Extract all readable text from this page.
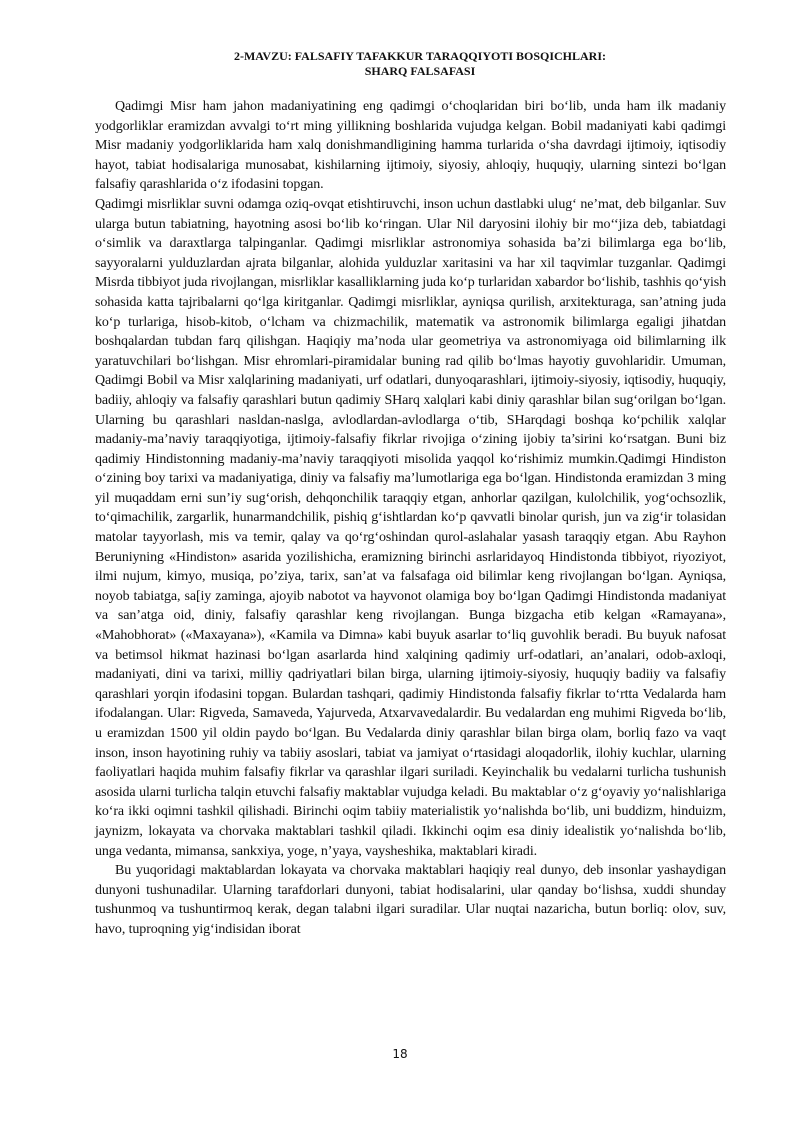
2-MAVZU: FALSAFIY TAFAKKUR TARAQQIYOTI BOSQICHLARI:
SHARQ FALSAFASI

Qadimgi Misr ham jahon madaniyatining eng qadimgi o‘choqlaridan biri bo‘lib, unda ham ilk madaniy yodgorliklar eramizdan avvalgi to‘rt ming yillikning boshlarida vujudga kelgan. Bobil madaniyati kabi qadimgi Misr madaniy yodgorliklarida ham xalq donishmandligining hamma turlarida o‘sha davrdagi ijtimoiy, iqtisodiy hayot, tabiat hodisalariga munosabat, kishilarning ijtimoiy, siyosiy, ahloqiy, huquqiy, ularning sintezi bo‘lgan falsafiy qarashlarida o‘z ifodasini topgan.

Qadimgi misrliklar suvni odamga oziq-ovqat etishtiruvchi, inson uchun dastlabki ulug‘ ne’mat, deb bilganlar. Suv ularga butun tabiatning, hayotning asosi bo‘lib ko‘ringan. Ular Nil daryosini ilohiy bir mo‘‘jiza deb, tabiatdagi o‘simlik va daraxtlarga talpinganlar. Qadimgi misrliklar astronomiya sohasida ba’zi bilimlarga ega bo‘lib, sayyoralarni yulduzlardan ajrata bilganlar, alohida yulduzlar xaritasini va har xil taqvimlar tuzganlar. Qadimgi Misrda tibbiyot juda rivojlangan, misrliklar kasalliklarning juda ko‘p turlaridan xabardor bo‘lishib, tashhis qo‘yish sohasida katta tajribalarni qo‘lga kiritganlar. Qadimgi misrliklar, ayniqsa qurilish, arxitekturaga, san’atning juda ko‘p turlariga, hisob-kitob, o‘lcham va chizmachilik, matematik va astronomik bilimlarga egaligi jihatdan boshqalardan tubdan farq qilishgan. Haqiqiy ma’noda ular geometriya va astronomiyaga oid bilimlarning ilk yaratuvchilari bo‘lishgan. Misr ehromlari-piramidalar buning rad qilib bo‘lmas hayotiy guvohlaridir. Umuman, Qadimgi Bobil va Misr xalqlarining madaniyati, urf odatlari, dunyoqarashlari, ijtimoiy-siyosiy, iqtisodiy, huquqiy, badiiy, ahloqiy va falsafiy qarashlari butun qadimiy SHarq xalqlari kabi diniy qarashlar bilan sug‘orilgan bo‘lgan. Ularning bu qarashlari nasldan-naslga, avlodlardan-avlodlarga o‘tib, SHarqdagi boshqa ko‘pchilik xalqlar madaniy-ma’naviy taraqqiyotiga, ijtimoiy-falsafiy fikrlar rivojiga o‘zining ijobiy ta’sirini ko‘rsatgan. Buni biz qadimiy Hindistonning madaniy-ma’naviy taraqqiyoti misolida yaqqol ko‘rishimiz mumkin.Qadimgi Hindiston o‘zining boy tarixi va madaniyatiga, diniy va falsafiy ma’lumotlariga ega bo‘lgan. Hindistonda eramizdan 3 ming yil muqaddam erni sun’iy sug‘orish, dehqonchilik taraqqiy etgan, anhorlar qazilgan, kulolchilik, yog‘ochsozlik, to‘qimachilik, zargarlik, hunarmandchilik, pishiq g‘ishtlardan ko‘p qavvatli binolar qurish, jun va zig‘ir tolasidan matolar tayyorlash, mis va temir, qalay va qo‘rg‘oshindan qurol-aslahalar yasash taraqqiy etgan. Abu Rayhon Beruniyning «Hindiston» asarida yozilishicha, eramizning birinchi asrlaridayoq Hindistonda tibbiyot, riyoziyot, ilmi nujum, kimyo, musiqa, po’ziya, tarix, san’at va falsafaga oid bilimlar keng rivojlangan bo‘lgan. Ayniqsa, noyob tabiatga, sa[iy zaminga, ajoyib nabotot va hayvonot olamiga boy bo‘lgan Qadimgi Hindistonda madaniyat va san’atga oid, diniy, falsafiy qarashlar keng rivojlangan. Bunga bizgacha etib kelgan «Ramayana», «Mahobhorat» («Maxayana»), «Kamila va Dimna» kabi buyuk asarlar to‘liq guvohlik beradi. Bu buyuk nafosat va betimsol hikmat hazinasi bo‘lgan asarlarda hind xalqining qadimiy urf-odatlari, an’analari, odob-axloqi, madaniyati, dini va tarixi, milliy qadriyatlari bilan birga, ularning ijtimoiy-siyosiy, huquqiy badiiy va falsafiy qarashlari yorqin ifodasini topgan. Bulardan tashqari, qadimiy Hindistonda falsafiy fikrlar to‘rtta Vedalarda ham ifodalangan. Ular: Rigveda, Samaveda, Yajurveda, Atxarvavedalardir. Bu vedalardan eng muhimi Rigveda bo‘lib, u eramizdan 1500 yil oldin paydo bo‘lgan. Bu Vedalarda diniy qarashlar bilan birga olam, borliq fazo va vaqt inson, inson hayotining ruhiy va tabiiy asoslari, tabiat va jamiyat o‘rtasidagi aloqadorlik, ilohiy kuchlar, ularning faoliyatlari haqida muhim falsafiy fikrlar va qarashlar ilgari suriladi. Keyinchalik bu vedalarni turlicha tushunish asosida ularni turlicha talqin etuvchi falsafiy maktablar vujudga keladi. Bu maktablar o‘z g‘oyaviy yo‘nalishlariga ko‘ra ikki oqimni tashkil qilishadi. Birinchi oqim tabiiy materialistik yo‘nalishda bo‘lib, uni buddizm, hinduizm, jaynizm, lokayata va chorvaka maktablari tashkil qiladi. Ikkinchi oqim esa diniy idealistik yo‘nalishda bo‘lib, unga vedanta, mimansa, sankxiya, yoge, n’yaya, vaysheshika, maktablari kiradi.

Bu yuqoridagi maktablardan lokayata va chorvaka maktablari haqiqiy real dunyo, deb insonlar yashaydigan dunyoni tushunadilar. Ularning tarafdorlari dunyoni, tabiat hodisalarini, ular qanday bo‘lishsa, xuddi shunday tushunmoq va tushuntirmoq kerak, degan talabni ilgari suradilar. Ular nuqtai nazaricha, butun borliq: olov, suv, havo, tuproqning yig‘indisidan iborat

18
